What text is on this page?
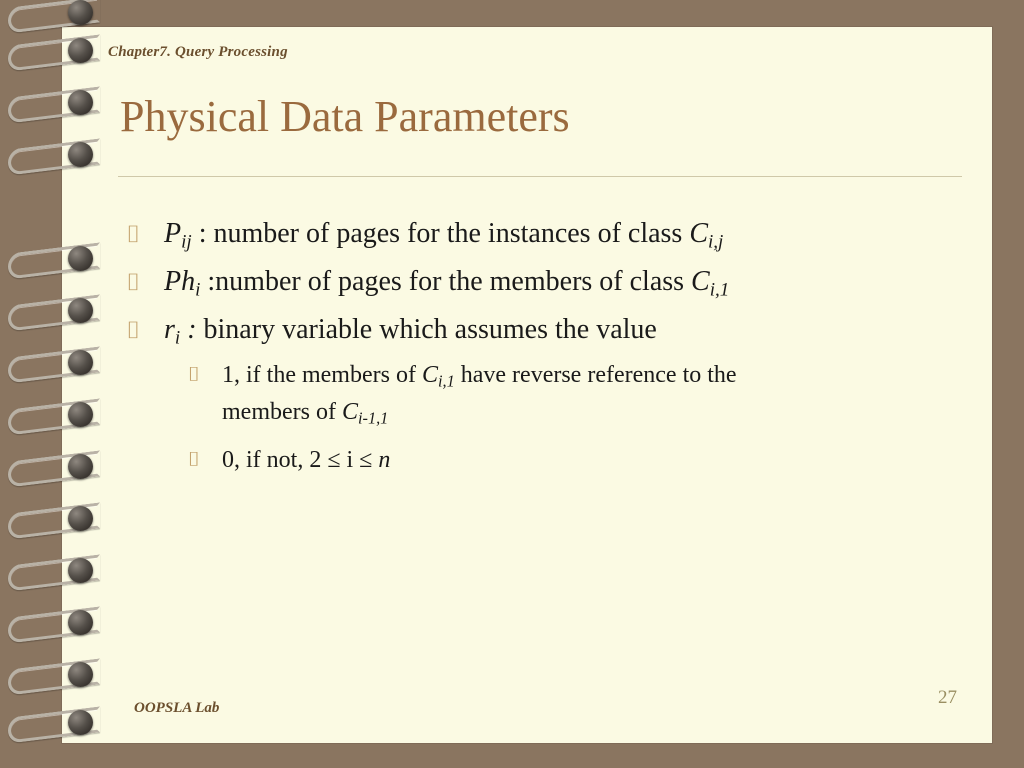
Chapter7. Query Processing
Physical Data Parameters
⌷ $P_{ij}$ : number of pages for the instances of class $C_{i,j}$
⌷ $Ph_i$ :number of pages for the members of class $C_{i,1}$
⌷ $r_i$ : binary variable which assumes the value
⌷ 1, if the members of $C_{i,1}$ have reverse reference to the
members of $C_{i-1,1}$
⌷ 0, if not, 2 ≤ i ≤ n
OOPSLA Lab	27
